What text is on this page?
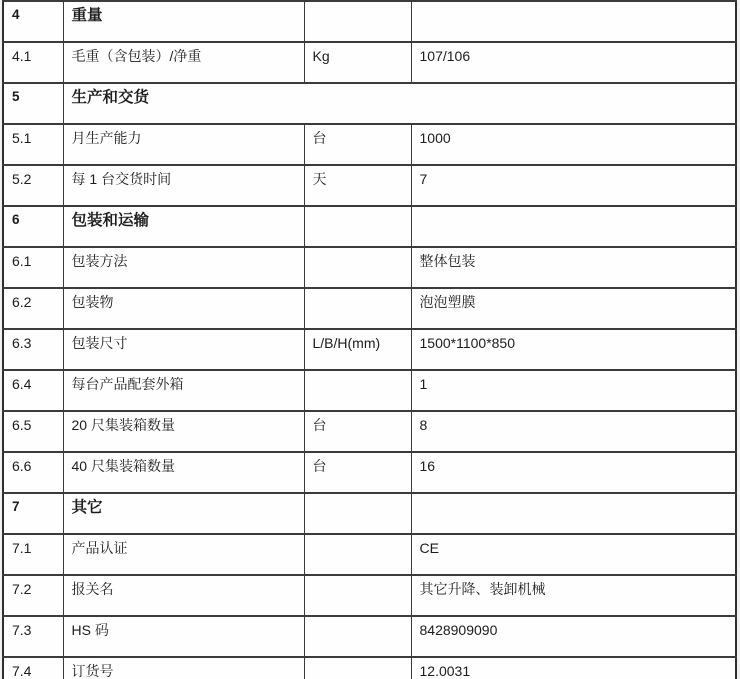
4	重量		
4.1	毛重（含包装）/净重	Kg	107/106
5	生产和交货		
5.1	月生产能力	台	1000
5.2	每 1 台交货时间	天	7
6	包装和运输		
6.1	包装方法		整体包装
6.2	包装物		泡泡塑膜
6.3	包装尺寸	L/B/H(mm)	1500*1100*850
6.4	每台产品配套外箱		1
6.5	20 尺集装箱数量	台	8
6.6	40 尺集装箱数量	台	16
7	其它		
7.1	产品认证		CE
7.2	报关名		其它升降、装卸机械
7.3	HS 码		8428909090
7.4	订货号		12.0031
